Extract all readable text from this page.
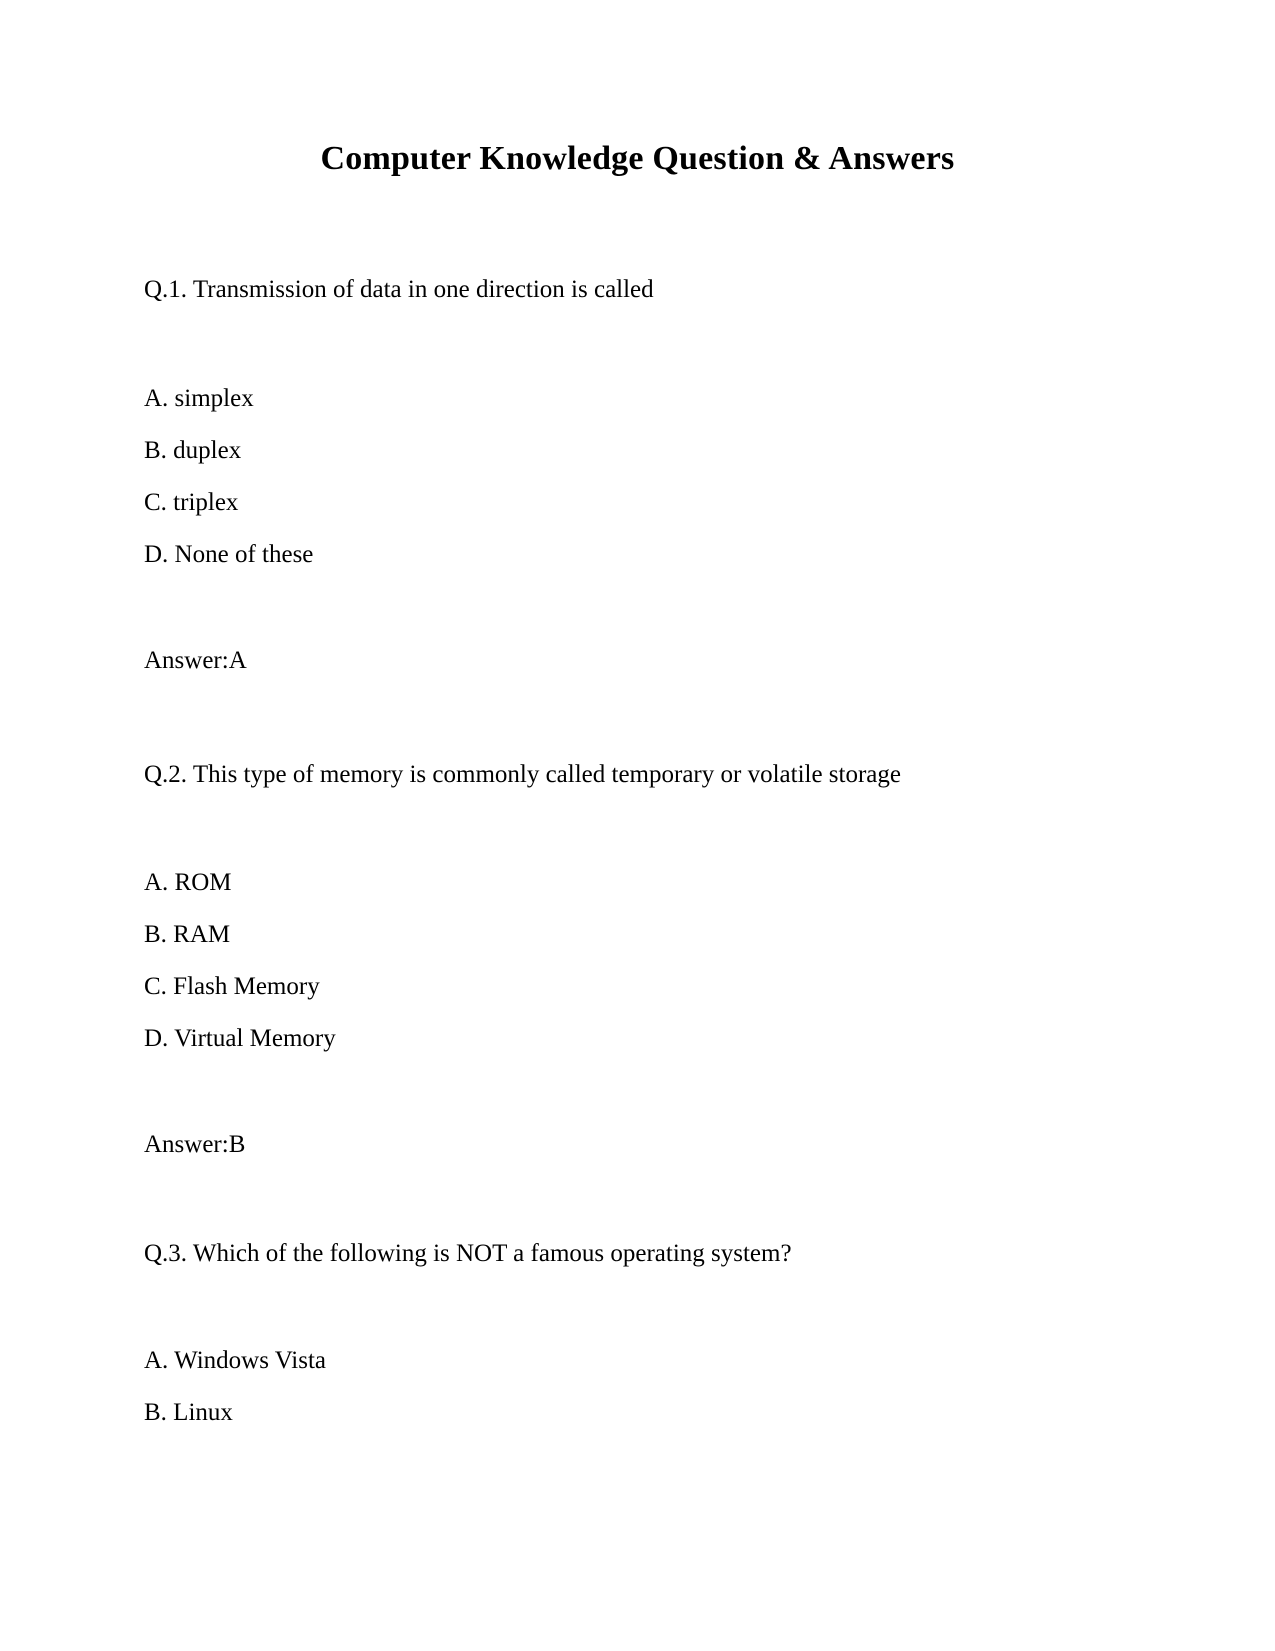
Computer Knowledge Question & Answers
Q.1. Transmission of data in one direction is called
A. simplex
B. duplex
C. triplex
D. None of these
Answer:A
Q.2. This type of memory is commonly called temporary or volatile storage
A. ROM
B. RAM
C. Flash Memory
D. Virtual Memory
Answer:B
Q.3. Which of the following is NOT a famous operating system?
A. Windows Vista
B. Linux
